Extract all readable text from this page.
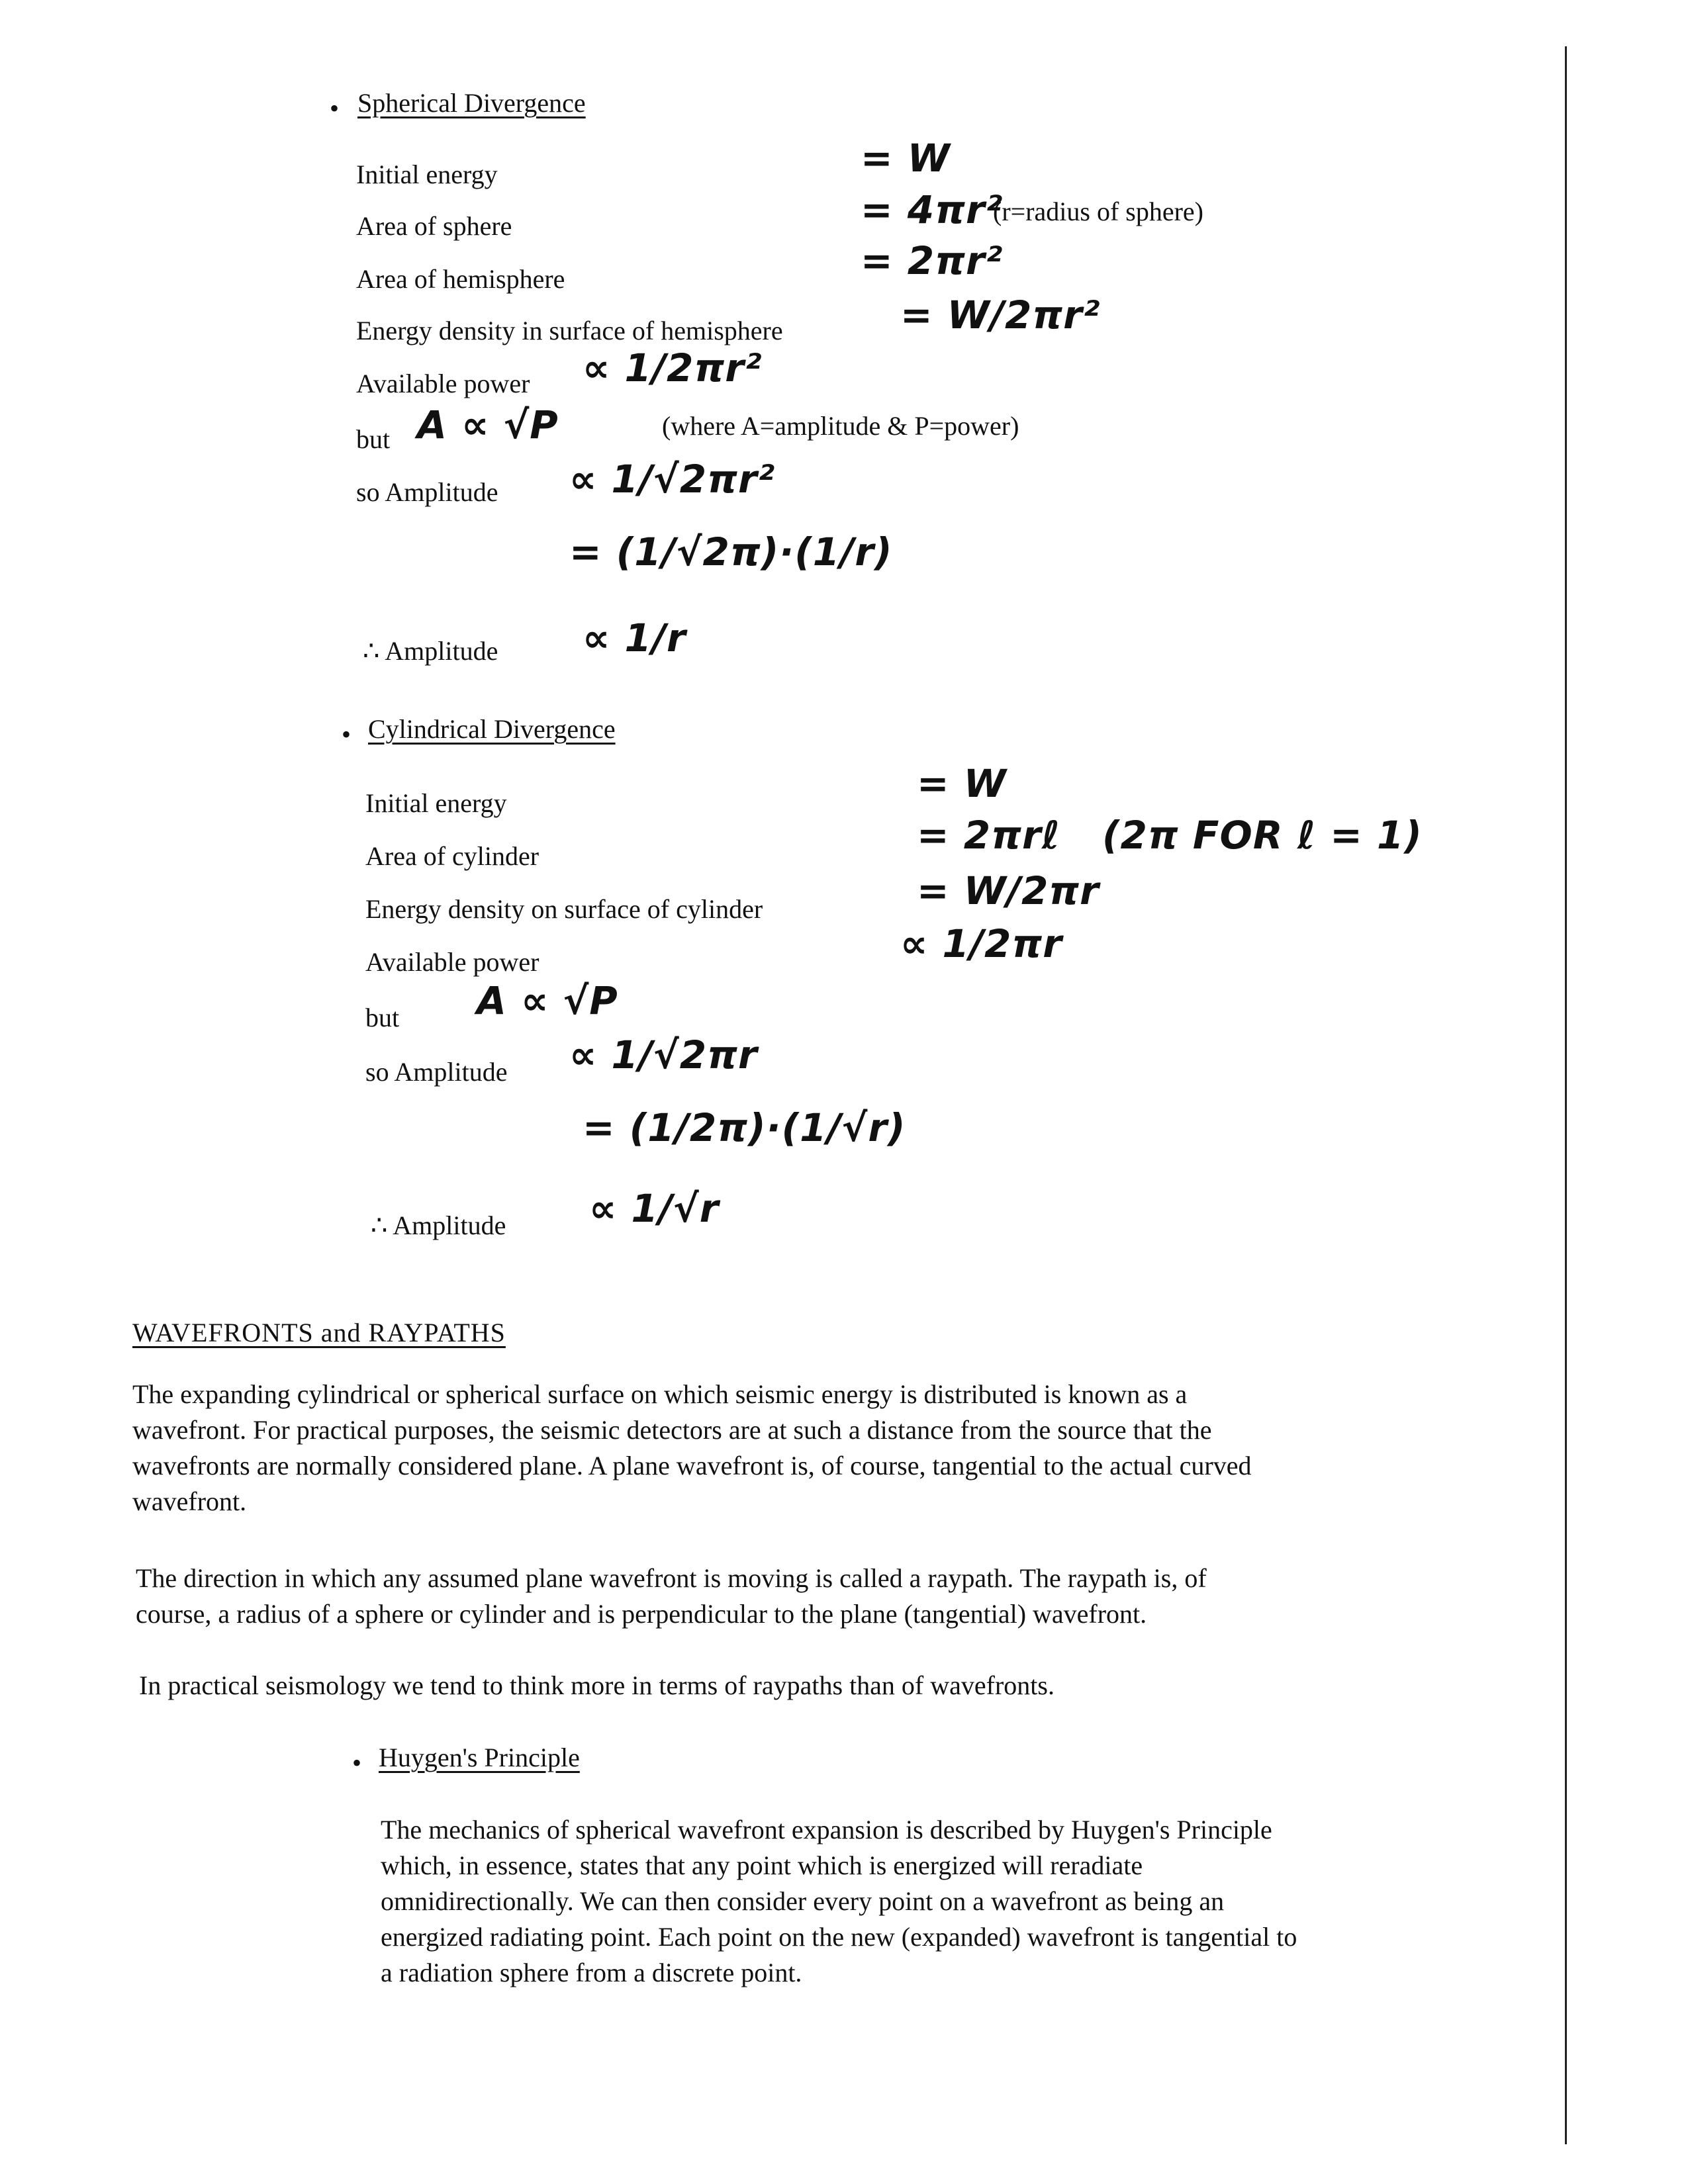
• Spherical Divergence
Initial energy	= W
Area of sphere	= 4πr²
(r=radius of sphere)
Area of hemisphere	= 2πr²
Energy density in surface of hemisphere	= W/2πr²
Available power ∝ 1/2πr²
but A ∝ √P	(where A=amplitude & P=power)
so Amplitude ∝ 1/√2πr²
= (1/√2π)·(1/r)
∴ Amplitude ∝ 1/r
• Cylindrical Divergence
Initial energy	= W
Area of cylinder	= 2πrℓ (2π FOR ℓ = 1)
Energy density on surface of cylinder	= W/2πr
Available power	∝ 1/2πr
but A ∝ √P
so Amplitude ∝ 1/√2πr
= (1/2π)·(1/√r)
∴ Amplitude ∝ 1/√r
WAVEFRONTS and RAYPATHS
The expanding cylindrical or spherical surface on which seismic energy is distributed is known as a
wavefront. For practical purposes, the seismic detectors are at such a distance from the source that the
wavefronts are normally considered plane. A plane wavefront is, of course, tangential to the actual curved
wavefront.
The direction in which any assumed plane wavefront is moving is called a raypath. The raypath is, of
course, a radius of a sphere or cylinder and is perpendicular to the plane (tangential) wavefront.
In practical seismology we tend to think more in terms of raypaths than of wavefronts.
• Huygen's Principle
The mechanics of spherical wavefront expansion is described by Huygen's Principle
which, in essence, states that any point which is energized will reradiate
omnidirectionally. We can then consider every point on a wavefront as being an
energized radiating point. Each point on the new (expanded) wavefront is tangential to
a radiation sphere from a discrete point.
